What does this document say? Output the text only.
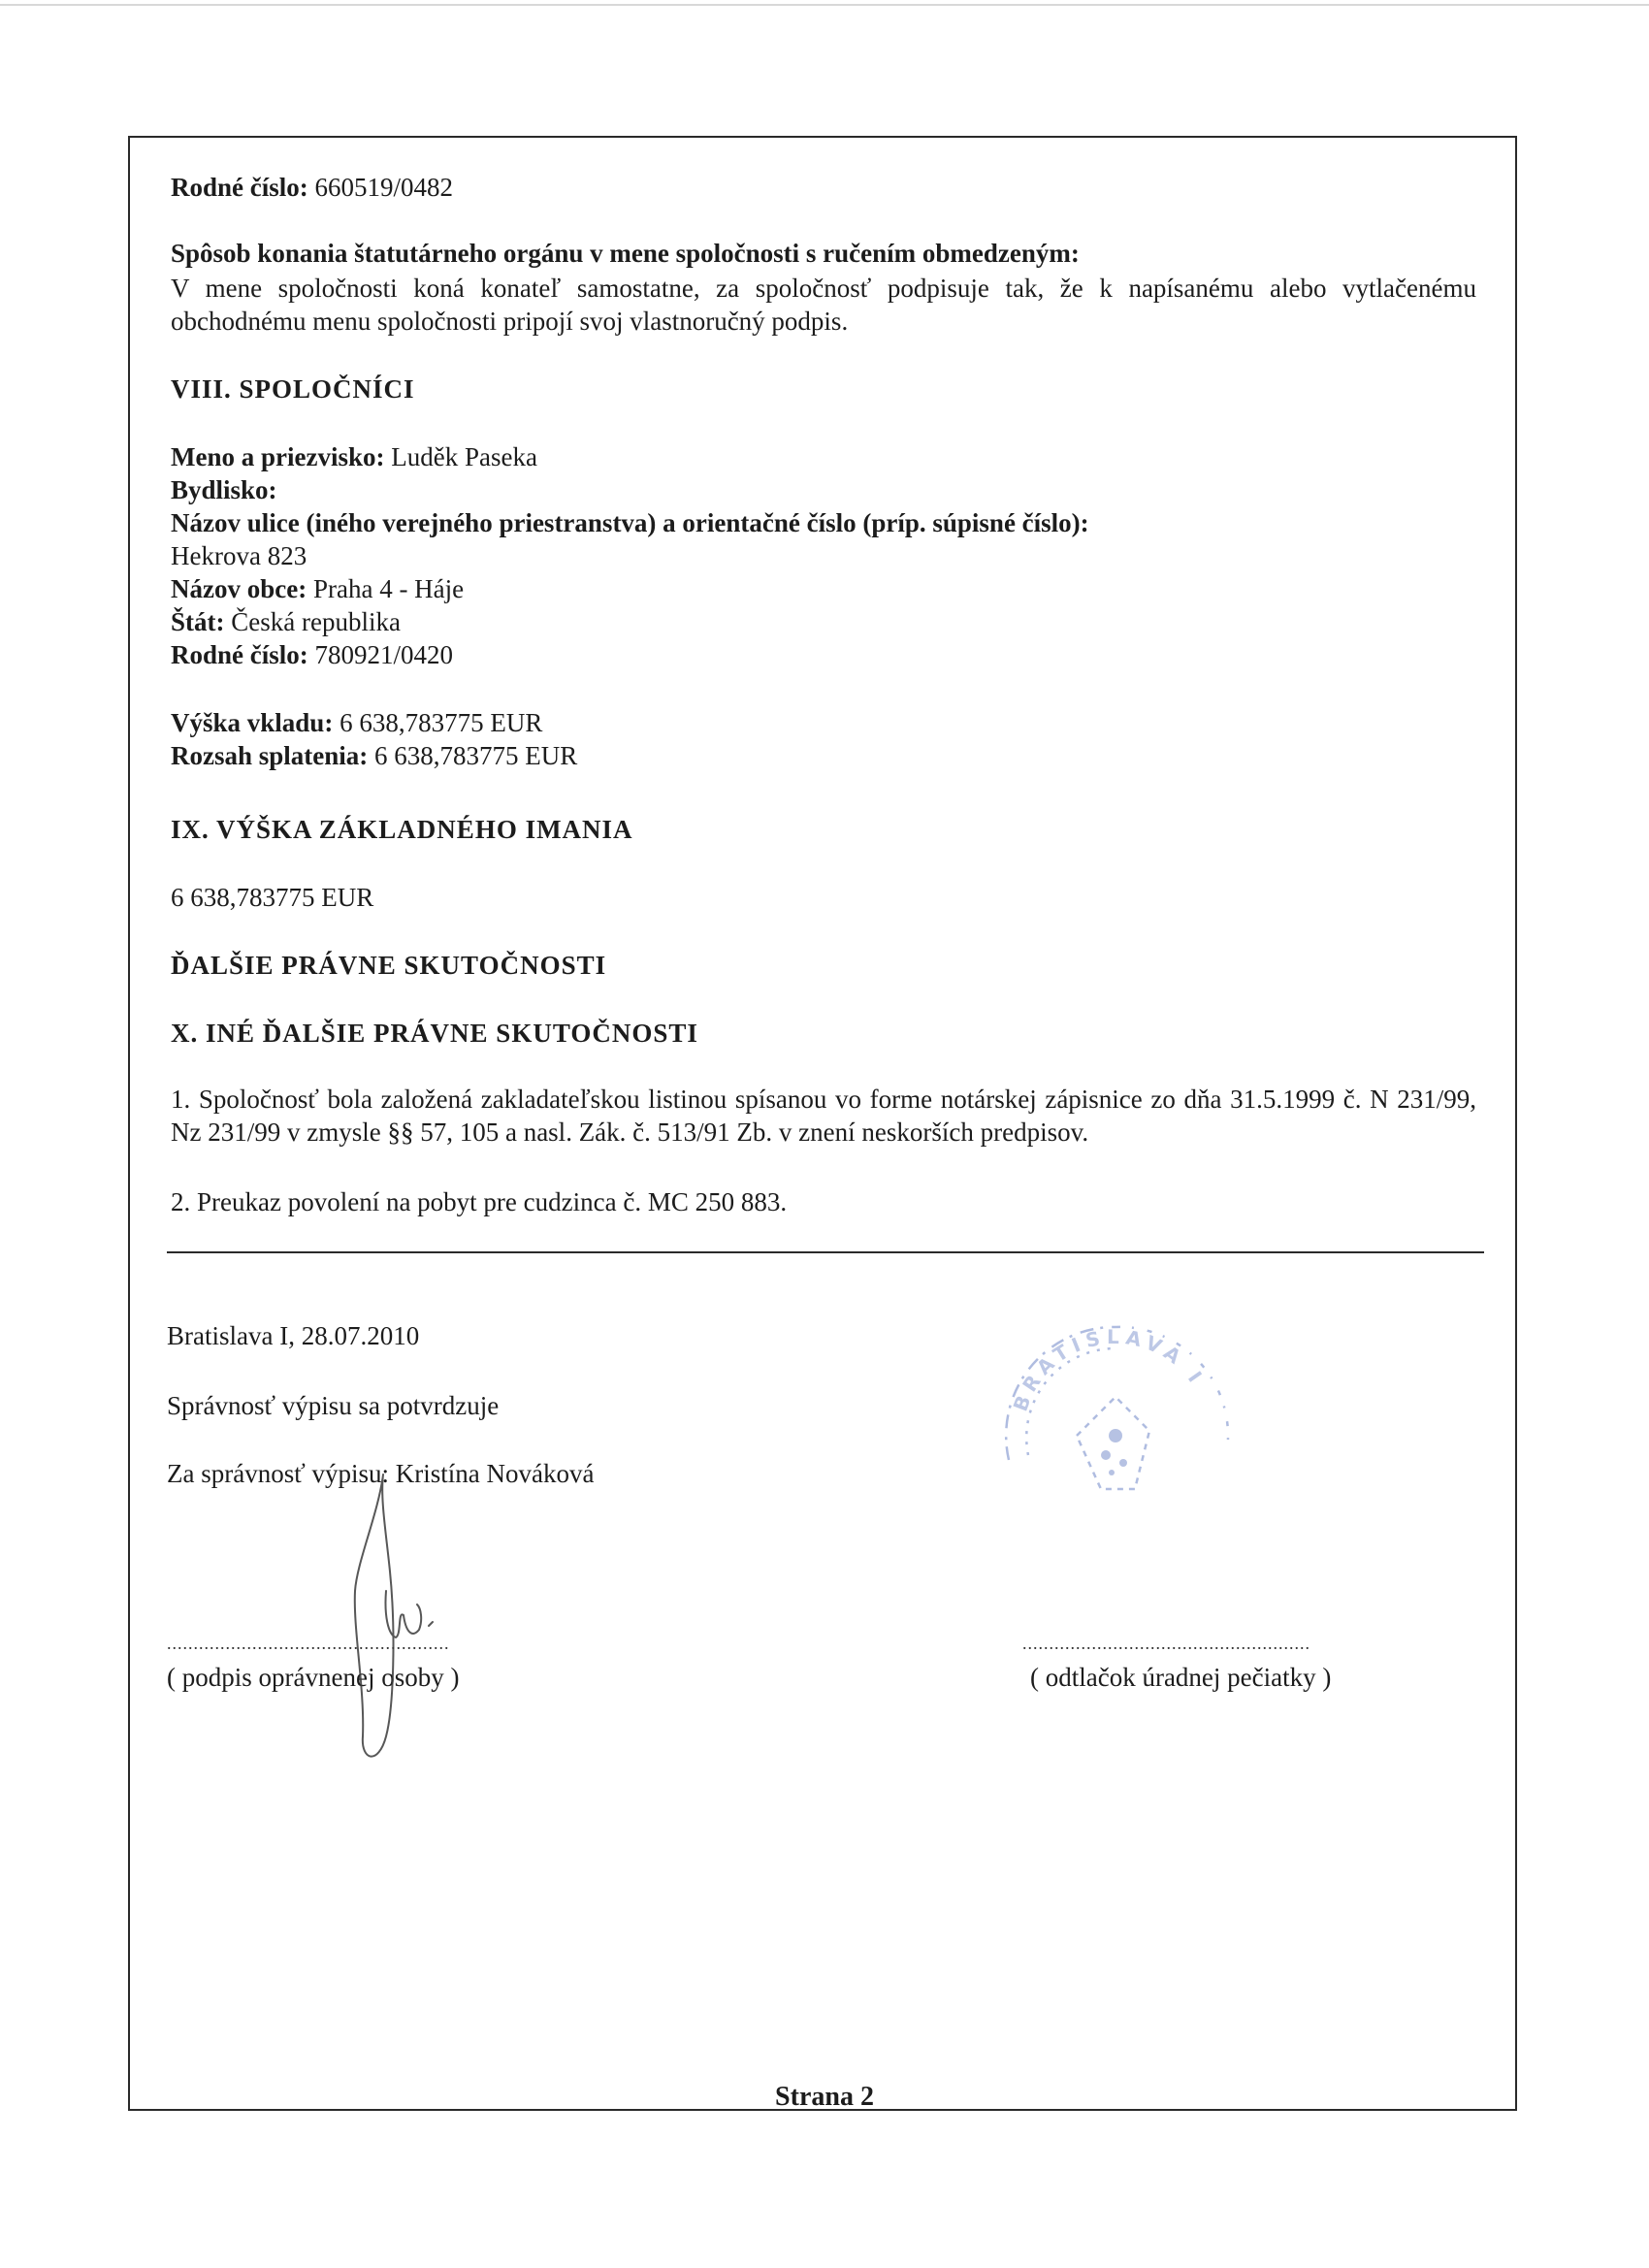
Rodné číslo: 660519/0482

Spôsob konania štatutárneho orgánu v mene spoločnosti s ručením obmedzeným:

V mene spoločnosti koná konateľ samostatne, za spoločnosť podpisuje tak, že k napísanému alebo vytlačenému obchodnému menu spoločnosti pripojí svoj vlastnoručný podpis.

VIII. SPOLOČNÍCI

Meno a priezvisko: Luděk Paseka

Bydlisko:

Názov ulice (iného verejného priestranstva) a orientačné číslo (príp. súpisné číslo):

Hekrova 823

Názov obce: Praha 4 - Háje

Štát: Česká republika

Rodné číslo: 780921/0420

Výška vkladu: 6 638,783775 EUR

Rozsah splatenia: 6 638,783775 EUR

IX. VÝŠKA ZÁKLADNÉHO IMANIA

6 638,783775 EUR

ĎALŠIE PRÁVNE SKUTOČNOSTI

X. INÉ ĎALŠIE PRÁVNE SKUTOČNOSTI

1. Spoločnosť bola založená zakladateľskou listinou spísanou vo forme notárskej zápisnice zo dňa 31.5.1999 č. N 231/99, Nz 231/99 v zmysle §§ 57, 105 a nasl. Zák. č. 513/91 Zb. v znení neskorších predpisov.

2. Preukaz povolení na pobyt pre cudzinca č. MC 250 883.

Bratislava I, 28.07.2010

Správnosť výpisu sa potvrdzuje

Za správnosť výpisu: Kristína Nováková

.....................................................	......................................................

( podpis oprávnenej osoby )	( odtlačok úradnej pečiatky )

BRATISLAVA I

Strana 2
